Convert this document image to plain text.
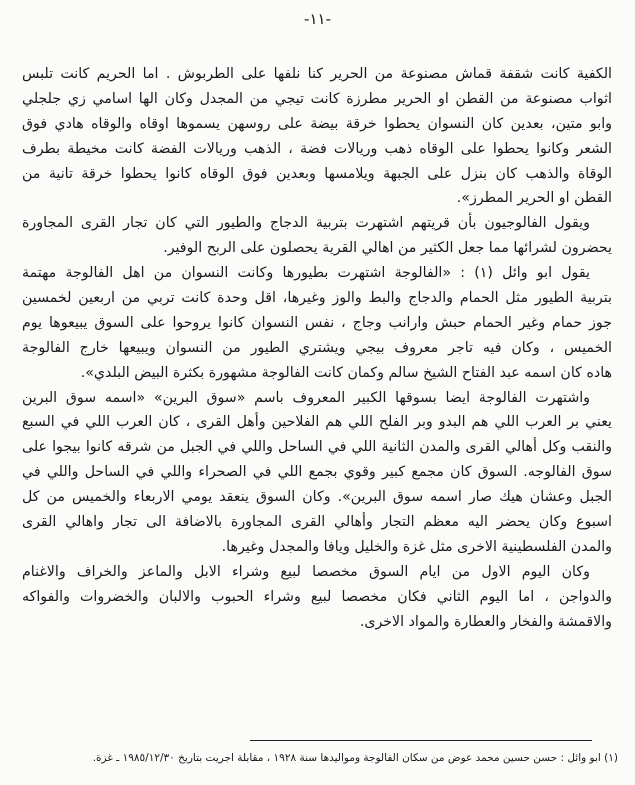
-١١-
الكفية كانت شقفة قماش مصنوعة من الحرير كنا نلفها على الطربوش . اما الحريم كانت تلبس
اثواب مصنوعة من القطن او الحرير مطرزة كانت تيجي من المجدل وكان الها اسامي زي جلجلي
وابو متين، بعدين كان النسوان يحطوا خرقة بيضة على روسهن يسموها اوقاه والوقاه هادي فوق
الشعر وكانوا يحطوا على الوقاه ذهب وريالات فضة ، الذهب وريالات الفضة كانت مخيطة بطرف
الوقاة والذهب كان بنزل على الجبهة ويلامسها وبعدين فوق الوقاه كانوا يحطوا خرقة تانية من
القطن او الحرير المطرز».
ويقول الفالوجيون بأن قريتهم اشتهرت بتربية الدجاج والطيور التي كان تجار القرى المجاورة
يحضرون لشرائها مما جعل الكثير من اهالي القرية يحصلون على الربح الوفير.
يقول ابو وائل (١) : «الفالوجة اشتهرت بطيورها وكانت النسوان من اهل الفالوجة مهتمة
بتربية الطيور مثل الحمام والدجاج والبط والوز وغيرها، اقل وحدة كانت تربي من اربعين لخمسين
جوز حمام وغير الحمام حبش وارانب وجاج ، نفس النسوان كانوا يروحوا على السوق يبيعوها يوم
الخميس ، وكان فيه تاجر معروف بيجي ويشتري الطيور من النسوان ويبيعها خارج الفالوجة
هاده كان اسمه عبد الفتاح الشيخ سالم وكمان كانت الفالوجة مشهورة بكثرة البيض البلدي».
واشتهرت الفالوجة ايضا بسوقها الكبير المعروف باسم «سوق البرين» «اسمه سوق البرين
يعني بر العرب اللي هم البدو وبر الفلح اللي هم الفلاحين وأهل القرى ، كان العرب اللي في السبع
والنقب وكل أهالي القرى والمدن الثانية اللي في الساحل واللي في الجبل من شرقه كانوا بيجوا على
سوق الفالوجه. السوق كان مجمع كبير وقوي بجمع اللي في الصحراء واللي في الساحل واللي في
الجبل وعشان هيك صار اسمه سوق البرين». وكان السوق ينعقد يومي الاربعاء والخميس من كل
اسبوع وكان يحضر اليه معظم التجار وأهالي القرى المجاورة بالاضافة الى تجار واهالي القرى
والمدن الفلسطينية الاخرى مثل غزة والخليل ويافا والمجدل وغيرها.
وكان اليوم الاول من ايام السوق مخصصا لبيع وشراء الابل والماعز والخراف والاغنام
والدواجن ، اما اليوم الثاني فكان مخصصا لبيع وشراء الحبوب والالبان والخضروات والفواكه
والاقمشة والفخار والعطارة والمواد الاخرى.
(١) ابو وائل : حسن حسين محمد عوض من سكان الفالوجة ومواليدها سنة ١٩٢٨ ، مقابلة اجريت بتاريخ ١٩٨٥/١٢/٣٠ ـ غزة.
